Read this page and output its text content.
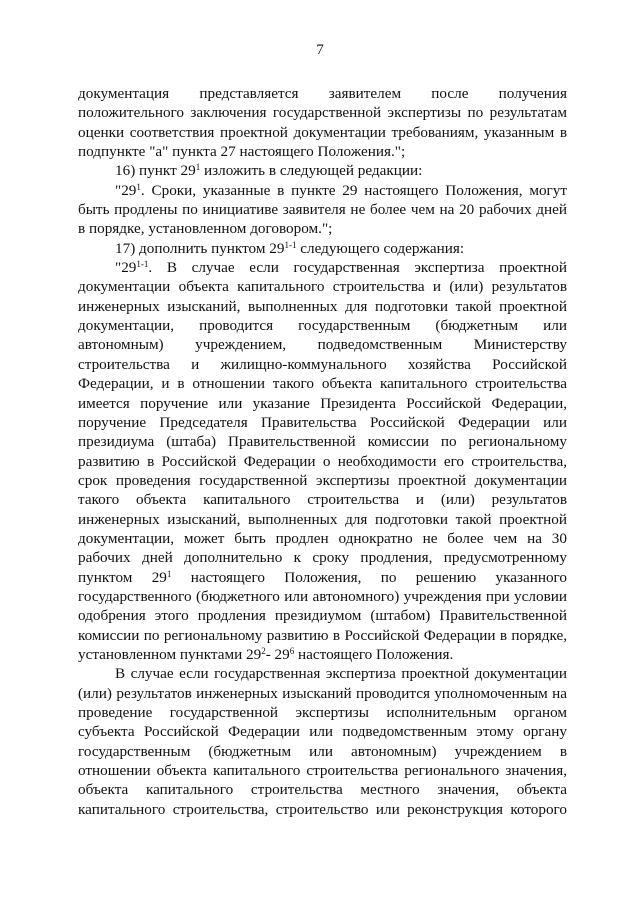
7

документация представляется заявителем после получения положительного заключения государственной экспертизы по результатам оценки соответствия проектной документации требованиям, указанным в подпункте "а" пункта 27 настоящего Положения.";

16) пункт $29^1$ изложить в следующей редакции:

"$29^1$. Сроки, указанные в пункте 29 настоящего Положения, могут быть продлены по инициативе заявителя не более чем на 20 рабочих дней в порядке, установленном договором.";

17) дополнить пунктом 29$^{1-1}$ следующего содержания:

"29$^{1-1}$. В случае если государственная экспертиза проектной документации объекта капитального строительства и (или) результатов инженерных изысканий, выполненных для подготовки такой проектной документации, проводится государственным (бюджетным или автономным) учреждением, подведомственным Министерству строительства и жилищно-коммунального хозяйства Российской Федерации, и в отношении такого объекта капитального строительства имеется поручение или указание Президента Российской Федерации, поручение Председателя Правительства Российской Федерации или президиума (штаба) Правительственной комиссии по региональному развитию в Российской Федерации о необходимости его строительства, срок проведения государственной экспертизы проектной документации такого объекта капитального строительства и (или) результатов инженерных изысканий, выполненных для подготовки такой проектной документации, может быть продлен однократно не более чем на 30 рабочих дней дополнительно к сроку продления, предусмотренному пунктом $29^1$ настоящего Положения, по решению указанного государственного (бюджетного или автономного) учреждения при условии одобрения этого продления президиумом (штабом) Правительственной комиссии по региональному развитию в Российской Федерации в порядке, установленном пунктами $29^2-$ $29^6$ настоящего Положения.

В случае если государственная экспертиза проектной документации (или) результатов инженерных изысканий проводится уполномоченным на проведение государственной экспертизы исполнительным органом субъекта Российской Федерации или подведомственным этому органу государственным (бюджетным или автономным) учреждением в отношении объекта капитального строительства регионального значения, объекта капитального строительства местного значения, объекта капитального строительства, строительство или реконструкция которого
